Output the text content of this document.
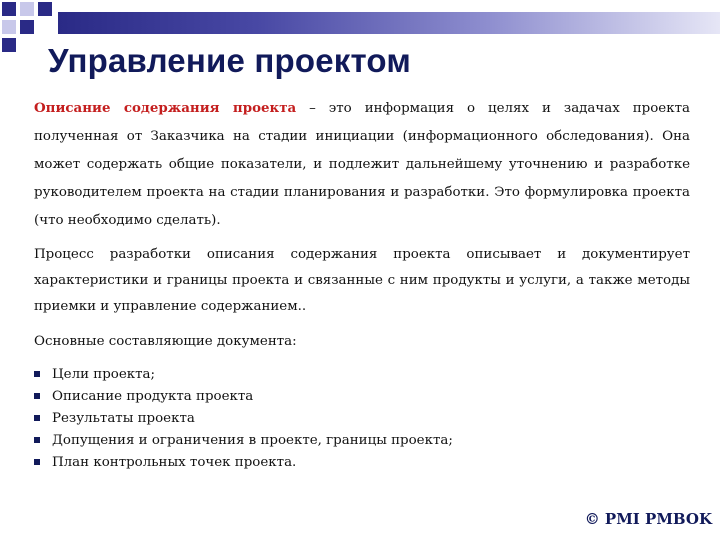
Управление проектом

Описание содержания проекта – это информация о целях и задачах проекта полученная от Заказчика на стадии инициации (информационного обследования). Она может содержать общие показатели, и подлежит дальнейшему уточнению и разработке руководителем проекта на стадии планирования и разработки. Это формулировка проекта (что необходимо сделать).

Процесс разработки описания содержания проекта описывает и документирует характеристики и границы проекта и связанные с ним продукты и услуги, а также методы приемки и управление содержанием..

Основные составляющие документа:

Цели проекта;
Описание продукта проекта
Результаты проекта
Допущения и ограничения в проекте, границы проекта;
План контрольных точек проекта.
© PMI PMBOK
